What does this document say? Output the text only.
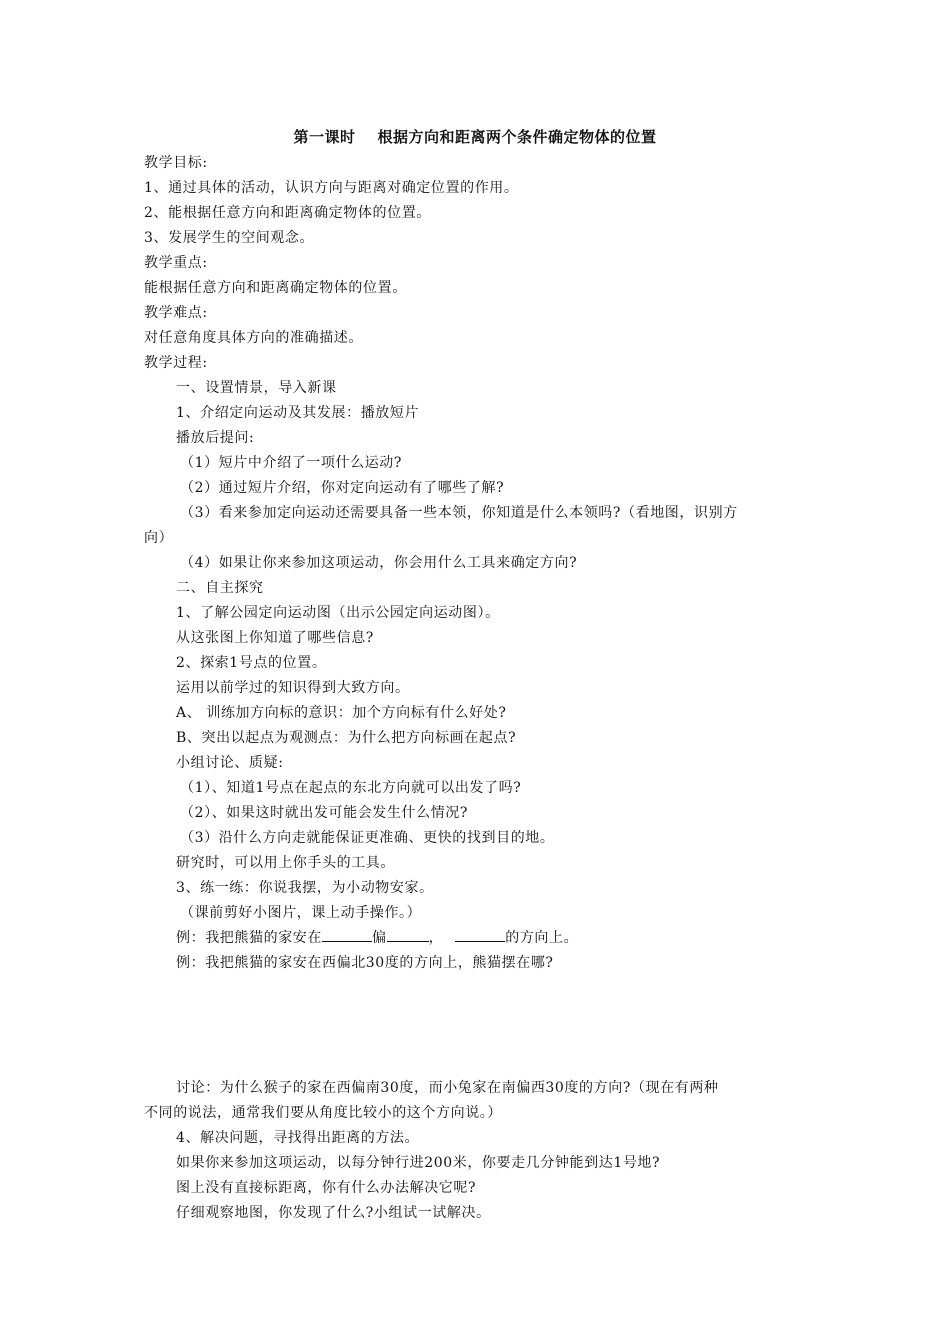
第一课时 根据方向和距离两个条件确定物体的位置
教学目标:
1、通过具体的活动，认识方向与距离对确定位置的作用。
2、能根据任意方向和距离确定物体的位置。
3、发展学生的空间观念。
教学重点:
能根据任意方向和距离确定物体的位置。
教学难点:
对任意角度具体方向的准确描述。
教学过程:
一、设置情景，导入新课
1、介绍定向运动及其发展：播放短片
播放后提问:
（1）短片中介绍了一项什么运动?
（2）通过短片介绍，你对定向运动有了哪些了解?
（3）看来参加定向运动还需要具备一些本领，你知道是什么本领吗?（看地图，识别方
向）
（4）如果让你来参加这项运动，你会用什么工具来确定方向?
二、自主探究
1、了解公园定向运动图（出示公园定向运动图）。
从这张图上你知道了哪些信息?
2、探索1号点的位置。
运用以前学过的知识得到大致方向。
A、 训练加方向标的意识：加个方向标有什么好处?
B、突出以起点为观测点：为什么把方向标画在起点?
小组讨论、质疑:
（1）、知道1号点在起点的东北方向就可以出发了吗?
（2）、如果这时就出发可能会发生什么情况?
（3）沿什么方向走就能保证更准确、更快的找到目的地。
研究时，可以用上你手头的工具。
3、练一练：你说我摆，为小动物安家。
（课前剪好小图片，课上动手操作。）
例：我把熊猫的家安在	偏	，	的方向上。
例：我把熊猫的家安在西偏北30度的方向上，熊猫摆在哪?
讨论：为什么猴子的家在西偏南30度，而小兔家在南偏西30度的方向?（现在有两种
不同的说法，通常我们要从角度比较小的这个方向说。）
4、解决问题，寻找得出距离的方法。
如果你来参加这项运动，以每分钟行进200米，你要走几分钟能到达1号地?
图上没有直接标距离，你有什么办法解决它呢?
仔细观察地图，你发现了什么?小组试一试解决。
